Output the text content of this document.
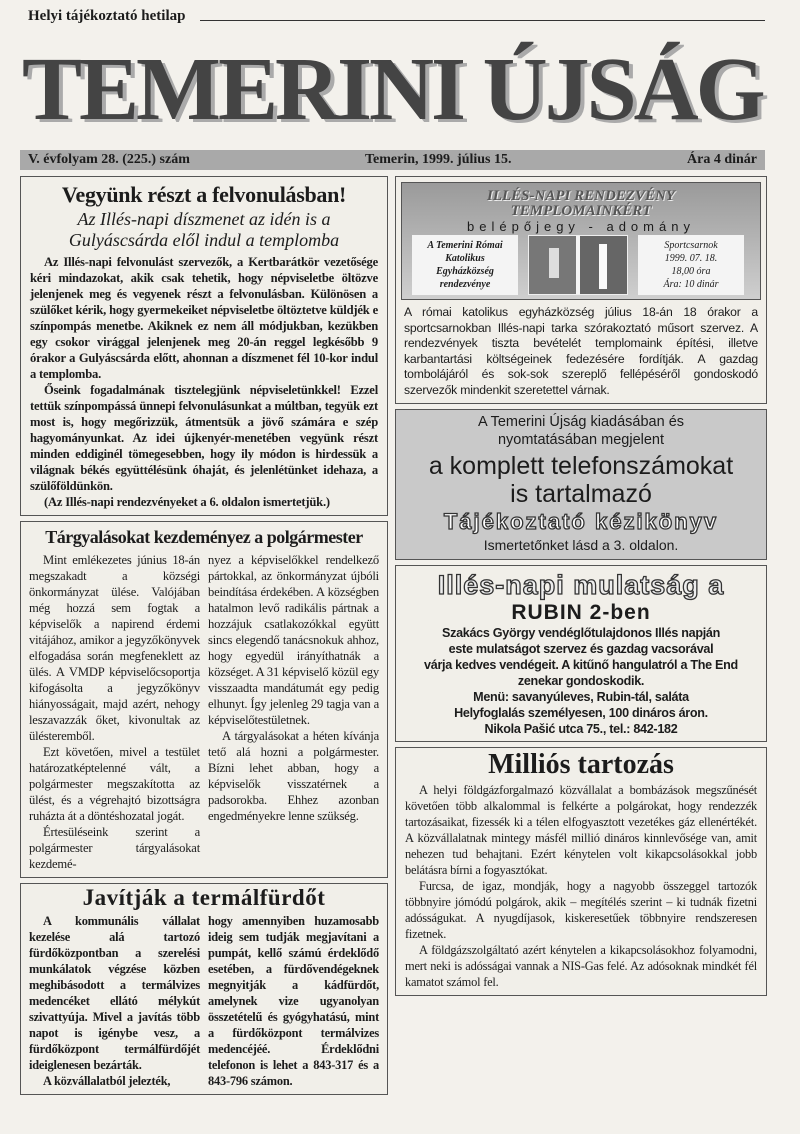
Helyi tájékoztató hetilap
TEMERINI ÚJSÁG
V. évfolyam 28. (225.) szám	Temerin, 1999. július 15.	Ára 4 dinár
Vegyünk részt a felvonulásban!
Az Illés-napi díszmenet az idén is a Gulyáscsárda elől indul a templomba

Az Illés-napi felvonulást szervezők, a Kertbarátkör vezetősége kéri mindazokat, akik csak tehetik, hogy népviseletbe öltözve jelenjenek meg és vegyenek részt a felvonulásban. Különösen a szülőket kérik, hogy gyermekeiket népviseletbe öltöztetve küldjék e színpompás menetbe. Akiknek ez nem áll módjukban, kezükben egy csokor virággal jelenjenek meg 20-án reggel legkésőbb 9 órakor a Gulyáscsárda előtt, ahonnan a díszmenet fél 10-kor indul a templomba.

Őseink fogadalmának tisztelegjünk népviseletünkkel! Ezzel tettük színpompássá ünnepi felvonulásunkat a múltban, tegyük ezt most is, hogy megőrizzük, átmentsük a jövő számára e szép hagyományunkat. Az idei újkenyér-menetében vegyünk részt minden eddiginél tömegesebben, hogy ily módon is hirdessük a világnak békés együttélésünk óhaját, és jelenlétünket idehaza, a szülőföldünkön.

(Az Illés-napi rendezvényeket a 6. oldalon ismertetjük.)

Tárgyalásokat kezdeményez a polgármester

Mint emlékezetes június 18-án megszakadt a községi önkormányzat ülése. Valójában még hozzá sem fogtak a képviselők a napirend érdemi vitájához, amikor a jegyzőkönyvek elfogadása során megfeneklett az ülés. A VMDP képviselőcsoportja kifogásolta a jegyzőkönyv hiányosságait, majd azért, nehogy leszavazzák őket, kivonultak az ülésteremből.

Ezt követően, mivel a testület határozatképtelenné vált, a polgármester megszakította az ülést, és a végrehajtó bizottságra ruházta át a döntéshozatal jogát.

Értesüléseink szerint a polgármester tárgyalásokat kezdemé-

nyez a képviselőkkel rendelkező pártokkal, az önkormányzat újbóli beindítása érdekében. A községben hatalmon levő radikális pártnak a hozzájuk csatlakozókkal együtt sincs elegendő tanácsnokuk ahhoz, hogy egyedül irányíthatnák a községet. A 31 képviselő közül egy visszaadta mandátumát egy pedig elhunyt. Így jelenleg 29 tagja van a képviselőtestületnek.

A tárgyalásokat a héten kívánja tető alá hozni a polgármester. Bízni lehet abban, hogy a képviselők visszatérnek a padsorokba. Ehhez azonban engedményekre lenne szükség.

Javítják a termálfürdőt

A kommunális vállalat kezelése alá tartozó fürdőközpontban a szerelési munkálatok végzése közben meghibásodott a termálvizes medencéket ellátó mélykút szivattyúja. Mivel a javítás több napot is igénybe vesz, a fürdőközpont termálfürdőjét ideiglenesen bezárták.

A közvállalatból jelezték,

hogy amennyiben huzamosabb ideig sem tudják megjavítani a pumpát, kellő számú érdeklődő esetében, a fürdővendégeknek megnyitják a kádfürdőt, amelynek vize ugyanolyan összetételű és gyógyhatású, mint a fürdőközpont termálvizes medencéjéé. Érdeklődni telefonon is lehet a 843-317 és a 843-796 számon.

ILLÉS-NAPI RENDEZVÉNY
TEMPLOMAINKÉRT
belépőjegy - adomány
A Temerini Római
Katolikus
Egyházközség
rendezvénye
Sportcsarnok
1999. 07. 18.
18,00 óra
Ára: 10 dinár

A római katolikus egyházközség július 18-án 18 órakor a sportcsarnokban Illés-napi tarka szórakoztató műsort szervez. A rendezvények tiszta bevételét templomaink építési, illetve karbantartási költségeinek fedezésére fordítják. A gazdag tombolájáról és sok-sok szereplő fellépéséről gondoskodó szervezők mindenkit szeretettel várnak.

A Temerini Újság kiadásában és
nyomtatásában megjelent
a komplett telefonszámokat
is tartalmazó
Tájékoztató kézikönyv
Ismertetőnket lásd a 3. oldalon.
Illés-napi mulatság a
RUBIN 2-ben
Szakács György vendéglőtulajdonos Illés napján
este mulatságot szervez és gazdag vacsorával
várja kedves vendégeit. A kitűnő hangulatról a The End
zenekar gondoskodik.
Menü: savanyúleves, Rubin-tál, saláta
Helyfoglalás személyesen, 100 dináros áron.
Nikola Pašić utca 75., tel.: 842-182
Milliós tartozás

A helyi földgázforgalmazó közvállalat a bombázások megszűnését követően több alkalommal is felkérte a polgárokat, hogy rendezzék tartozásaikat, fizessék ki a télen elfogyasztott vezetékes gáz ellenértékét. A közvállalatnak mintegy másfél millió dináros kinnlevősége van, amit nehezen tud behajtani. Ezért kénytelen volt kikapcsolásokkal jobb belátásra bírni a fogyasztókat.

Furcsa, de igaz, mondják, hogy a nagyobb összeggel tartozók többnyire jómódú polgárok, akik – megítélés szerint – ki tudnák fizetni adósságukat. A nyugdíjasok, kiskeresetűek többnyire rendszeresen fizetnek.

A földgázszolgáltató azért kénytelen a kikapcsolásokhoz folyamodni, mert neki is adósságai vannak a NIS-Gas felé. Az adósoknak mindkét fél kamatot számol fel.
